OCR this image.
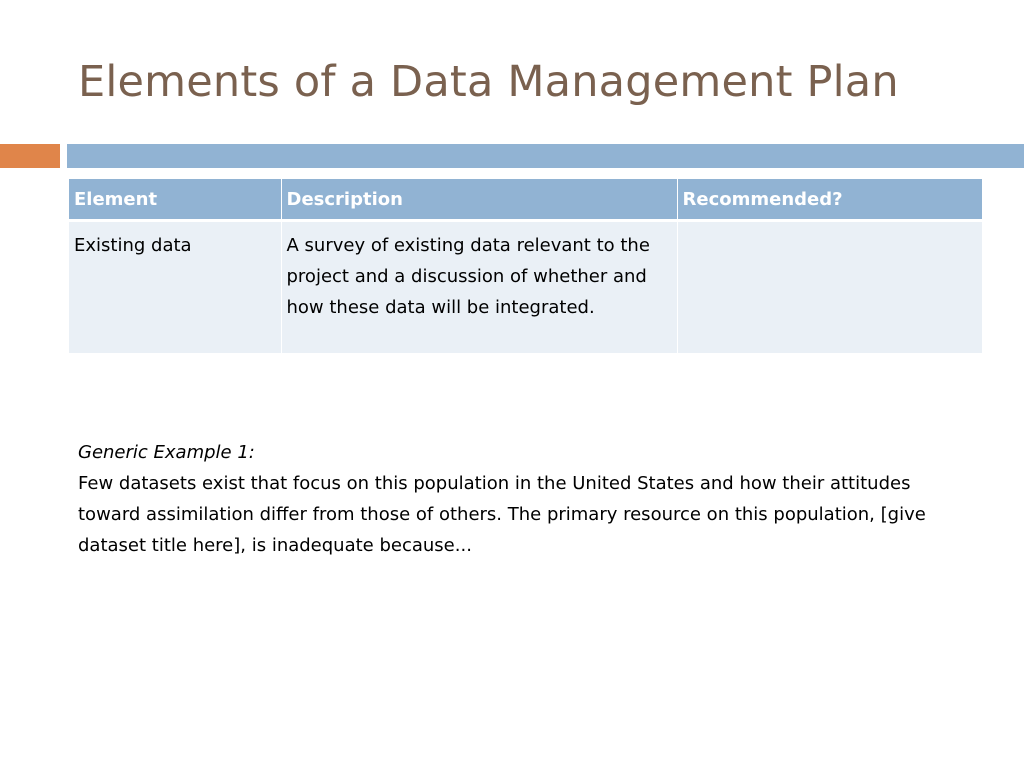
Elements of a Data Management Plan
Element	Description	Recommended?
Existing data	A survey of existing data relevant to the project and a discussion of whether and how these data will be integrated.	
Generic Example 1:
Few datasets exist that focus on this population in the United States and how their attitudes toward assimilation differ from those of others. The primary resource on this population, [give dataset title here], is inadequate because...
